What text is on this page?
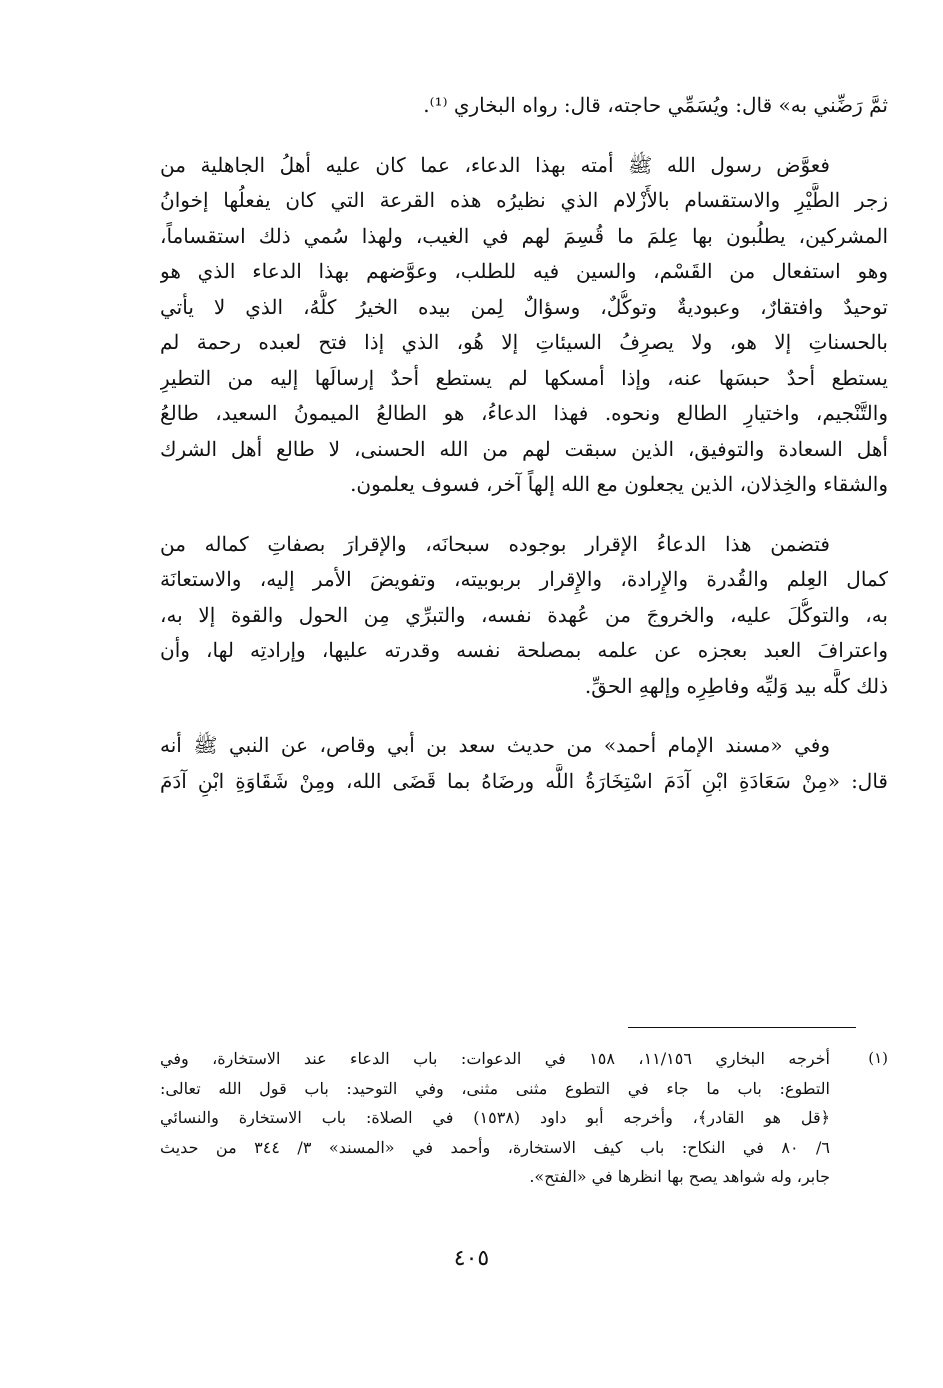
ثمَّ رَضِّني به» قال: ويُسَمِّي حاجته، قال: رواه البخاري ⁽¹⁾.
فعوَّض رسول الله ﷺ أمته بهذا الدعاء، عما كان عليه أهلُ الجاهلية من
زجر الطَّيْرِ والاستقسام بالأَزْلام الذي نظيرُه هذه القرعة التي كان يفعلُها إخوانُ
المشركين، يطلُبون بها عِلمَ ما قُسِمَ لهم في الغيب، ولهذا سُمي ذلك استقساماً،
وهو استفعال من القَسْم، والسين فيه للطلب، وعوَّضهم بهذا الدعاء الذي هو
توحيدٌ وافتقارٌ، وعبوديةٌ وتوكُّلٌ، وسؤالٌ لِمن بيده الخيرُ كلُّهُ، الذي لا يأتي
بالحسناتِ إلا هو، ولا يصرِفُ السيئاتِ إلا هُو، الذي إذا فتح لعبده رحمة لم
يستطع أحدٌ حبسَها عنه، وإذا أمسكها لم يستطع أحدٌ إرسالَها إليه من التطيرِ
والتَّنْجيم، واختيارِ الطالع ونحوه. فهذا الدعاءُ، هو الطالعُ الميمونُ السعيد، طالعُ
أهل السعادة والتوفيق، الذين سبقت لهم من الله الحسنى، لا طالع أهل الشرك
والشقاء والخِذلان، الذين يجعلون مع الله إلهاً آخر، فسوف يعلمون.
فتضمن هذا الدعاءُ الإقرار بوجوده سبحانَه، والإقرارَ بصفاتِ كماله من
كمال العِلم والقُدرة والإِرادة، والإِقرار بربوبيته، وتفويضَ الأمر إليه، والاستعانَة
به، والتوكُّلَ عليه، والخروجَ من عُهدة نفسه، والتبرِّي مِن الحول والقوة إلا به،
واعترافَ العبد بعجزه عن علمه بمصلحة نفسه وقدرته عليها، وإرادتِه لها، وأن
ذلك كلَّه بيد وَليِّه وفاطِرِه وإلههِ الحقِّ.
وفي «مسند الإمام أحمد» من حديث سعد بن أبي وقاص، عن النبي ﷺ أنه
قال: «مِنْ سَعَادَةِ ابْنِ آدَمَ اسْتِخَارَةُ اللَّه ورضَاهُ بما قَضَى الله، ومِنْ شَقَاوَةِ ابْنِ آدَمَ
(١)
أخرجه البخاري ١١/١٥٦، ١٥٨ في الدعوات: باب الدعاء عند الاستخارة، وفي
التطوع: باب ما جاء في التطوع مثنى مثنى، وفي التوحيد: باب قول الله تعالى:
﴿قل هو القادر﴾، وأخرجه أبو داود (١٥٣٨) في الصلاة: باب الاستخارة والنسائي
٦/ ٨٠ في النكاح: باب كيف الاستخارة، وأحمد في «المسند» ٣/ ٣٤٤ من حديث
جابر، وله شواهد يصح بها انظرها في «الفتح».
٤٠٥
